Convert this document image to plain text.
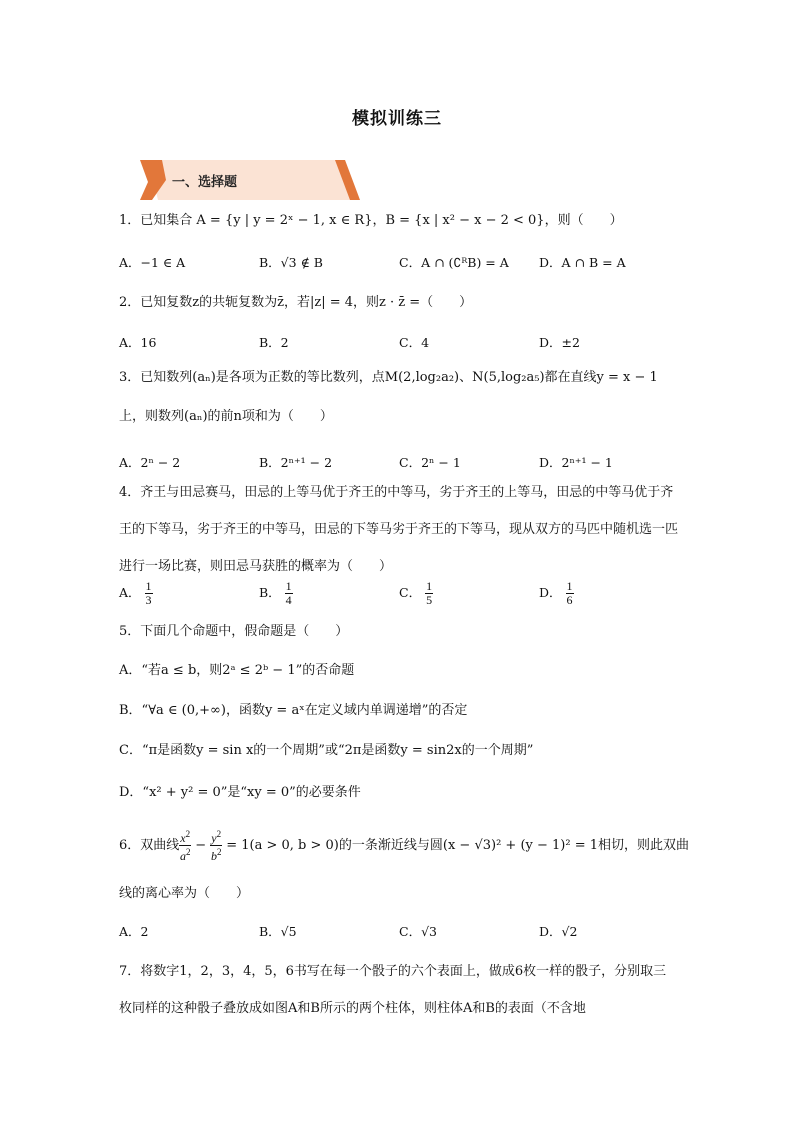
模拟训练三
一、选择题
1．已知集合 A = {y | y = 2ˣ − 1, x ∈ R}，B = {x | x² − x − 2 < 0}，则（　　）
A．−1 ∈ A	B．√3 ∉ B	C．A ∩ (∁ᴿB) = A D．A ∩ B = A
2．已知复数z的共轭复数为z̄，若|z| = 4，则z · z̄ =（　　）
A．16	B．2	C．4	D．±2
3．已知数列(aₙ)是各项为正数的等比数列，点M(2,log₂a₂)、N(5,log₂a₅)都在直线y = x − 1
上，则数列(aₙ)的前n项和为（　　）
A．2ⁿ − 2	B．2ⁿ⁺¹ − 2	C．2ⁿ − 1	D．2ⁿ⁺¹ − 1
4．齐王与田忌赛马，田忌的上等马优于齐王的中等马，劣于齐王的上等马，田忌的中等马优于齐王的下等马，劣于齐王的中等马，田忌的下等马劣于齐王的下等马，现从双方的马匹中随机选一匹进行一场比赛，则田忌马获胜的概率为（　　）
A． $\frac{1}{3}$	B． $\frac{1}{4}$	C． $\frac{1}{5}$	D． $\frac{1}{6}$
5．下面几个命题中，假命题是（　　）
A．“若a ≤ b，则2ᵃ ≤ 2ᵇ − 1”的否命题
B．“∀a ∈ (0,+∞)，函数y = aˣ在定义域内单调递增”的否定
C．“π是函数y = sin x的一个周期”或“2π是函数y = sin2x的一个周期”
D．“x² + y² = 0”是“xy = 0”的必要条件
6．双曲线 $\frac{x^2}{a^2} - \frac{y^2}{b^2} = 1(a > 0$, b > 0)的一条渐近线与圆(x − √3)² + (y − 1)² = 1相切，则此双曲
线的离心率为（　　）
A．2	B．√5	C．√3	D．√2
7．将数字1，2，3，4，5，6书写在每一个骰子的六个表面上，做成6枚一样的骰子，分别取三枚同样的这种骰子叠放成如图A和B所示的两个柱体，则柱体A和B的表面（不含地
